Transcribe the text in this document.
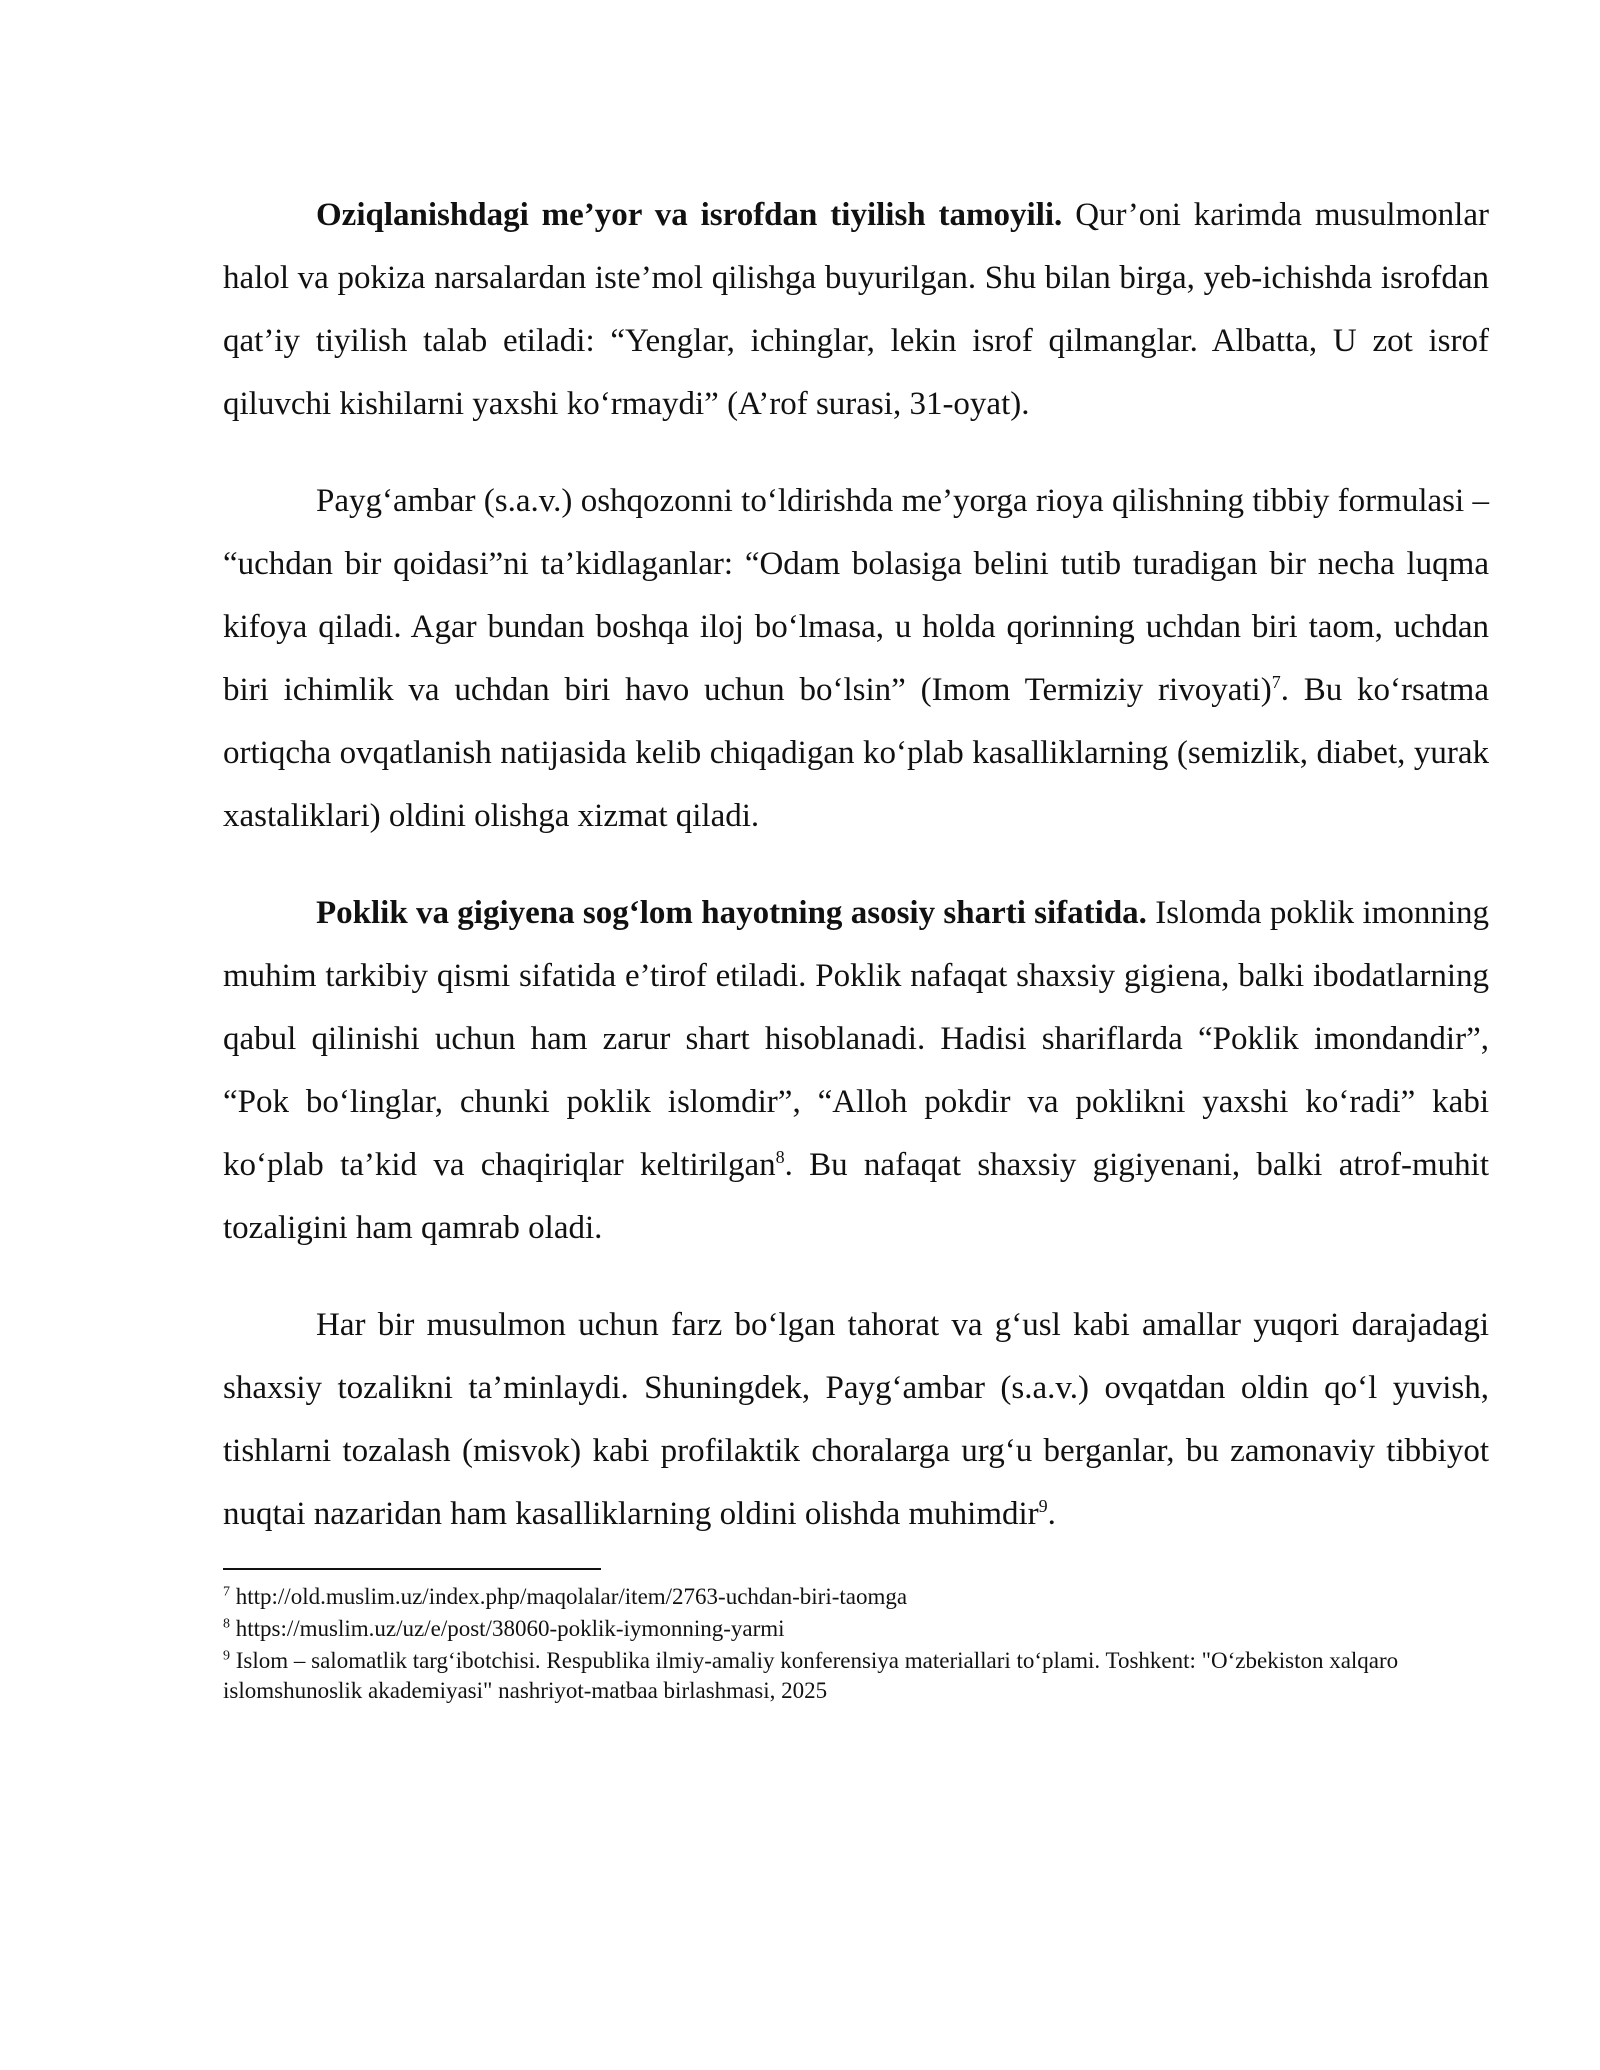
Oziqlanishdagi me’yor va isrofdan tiyilish tamoyili. Qur’oni karimda musulmonlar halol va pokiza narsalardan iste’mol qilishga buyurilgan. Shu bilan birga, yeb-ichishda isrofdan qat’iy tiyilish talab etiladi: “Yenglar, ichinglar, lekin isrof qilmanglar. Albatta, U zot isrof qiluvchi kishilarni yaxshi ko‘rmaydi” (A’rof surasi, 31-oyat).

Payg‘ambar (s.a.v.) oshqozonni to‘ldirishda me’yorga rioya qilishning tibbiy formulasi – “uchdan bir qoidasi”ni ta’kidlaganlar: “Odam bolasiga belini tutib turadigan bir necha luqma kifoya qiladi. Agar bundan boshqa iloj bo‘lmasa, u holda qorinning uchdan biri taom, uchdan biri ichimlik va uchdan biri havo uchun bo‘lsin” (Imom Termiziy rivoyati)$^7$. Bu ko‘rsatma ortiqcha ovqatlanish natijasida kelib chiqadigan ko‘plab kasalliklarning (semizlik, diabet, yurak xastaliklari) oldini olishga xizmat qiladi.

Poklik va gigiyena sog‘lom hayotning asosiy sharti sifatida. Islomda poklik imonning muhim tarkibiy qismi sifatida e’tirof etiladi. Poklik nafaqat shaxsiy gigiena, balki ibodatlarning qabul qilinishi uchun ham zarur shart hisoblanadi. Hadisi shariflarda “Poklik imondandir”, “Pok bo‘linglar, chunki poklik islomdir”, “Alloh pokdir va poklikni yaxshi ko‘radi” kabi ko‘plab ta’kid va chaqiriqlar keltirilgan$^8$. Bu nafaqat shaxsiy gigiyenani, balki atrof-muhit tozaligini ham qamrab oladi.

Har bir musulmon uchun farz bo‘lgan tahorat va g‘usl kabi amallar yuqori darajadagi shaxsiy tozalikni ta’minlaydi. Shuningdek, Payg‘ambar (s.a.v.) ovqatdan oldin qo‘l yuvish, tishlarni tozalash (misvok) kabi profilaktik choralarga urg‘u berganlar, bu zamonaviy tibbiyot nuqtai nazaridan ham kasalliklarning oldini olishda muhimdir$^9$.

$^7$ http://old.muslim.uz/index.php/maqolalar/item/2763-uchdan-biri-taomga
$^8$ https://muslim.uz/uz/e/post/38060-poklik-iymonning-yarmi
$^9$ Islom – salomatlik targ‘ibotchisi. Respublika ilmiy-amaliy konferensiya materiallari to‘plami. Toshkent: "O‘zbekiston xalqaro islomshunoslik akademiyasi" nashriyot-matbaa birlashmasi, 2025
